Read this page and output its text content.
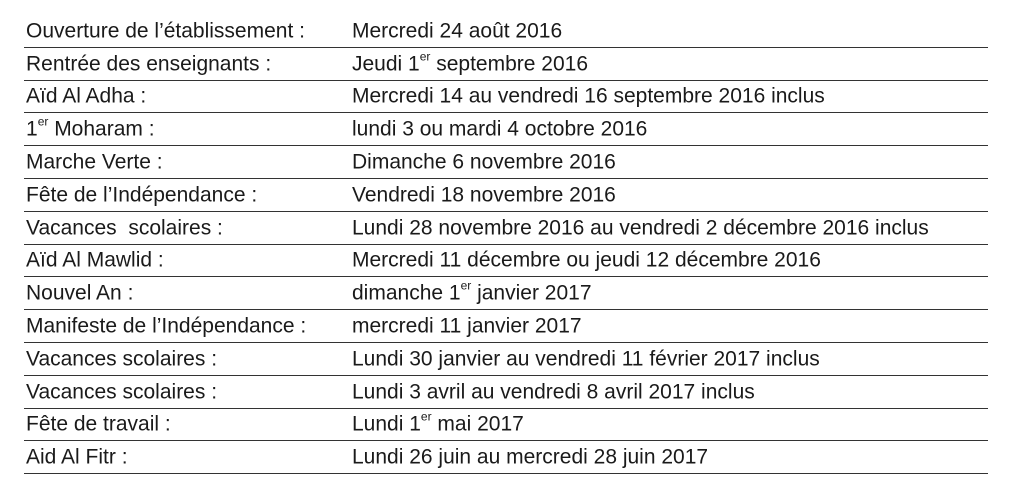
Ouverture de l’établissement : Mercredi 24 août 2016
Rentrée des enseignants :	Jeudi 1er septembre 2016
Aïd Al Adha :	Mercredi 14 au vendredi 16 septembre 2016 inclus
1er Moharam :	lundi 3 ou mardi 4 octobre 2016
Marche Verte :	Dimanche 6 novembre 2016
Fête de l’Indépendance :	Vendredi 18 novembre 2016
Vacances  scolaires :	Lundi 28 novembre 2016 au vendredi 2 décembre 2016 inclus
Aïd Al Mawlid :	Mercredi 11 décembre ou jeudi 12 décembre 2016
Nouvel An :	dimanche 1er janvier 2017
Manifeste de l’Indépendance : mercredi 11 janvier 2017
Vacances scolaires :	Lundi 30 janvier au vendredi 11 février 2017 inclus
Vacances scolaires :	Lundi 3 avril au vendredi 8 avril 2017 inclus
Fête de travail :	Lundi 1er mai 2017
Aid Al Fitr :	Lundi 26 juin au mercredi 28 juin 2017
